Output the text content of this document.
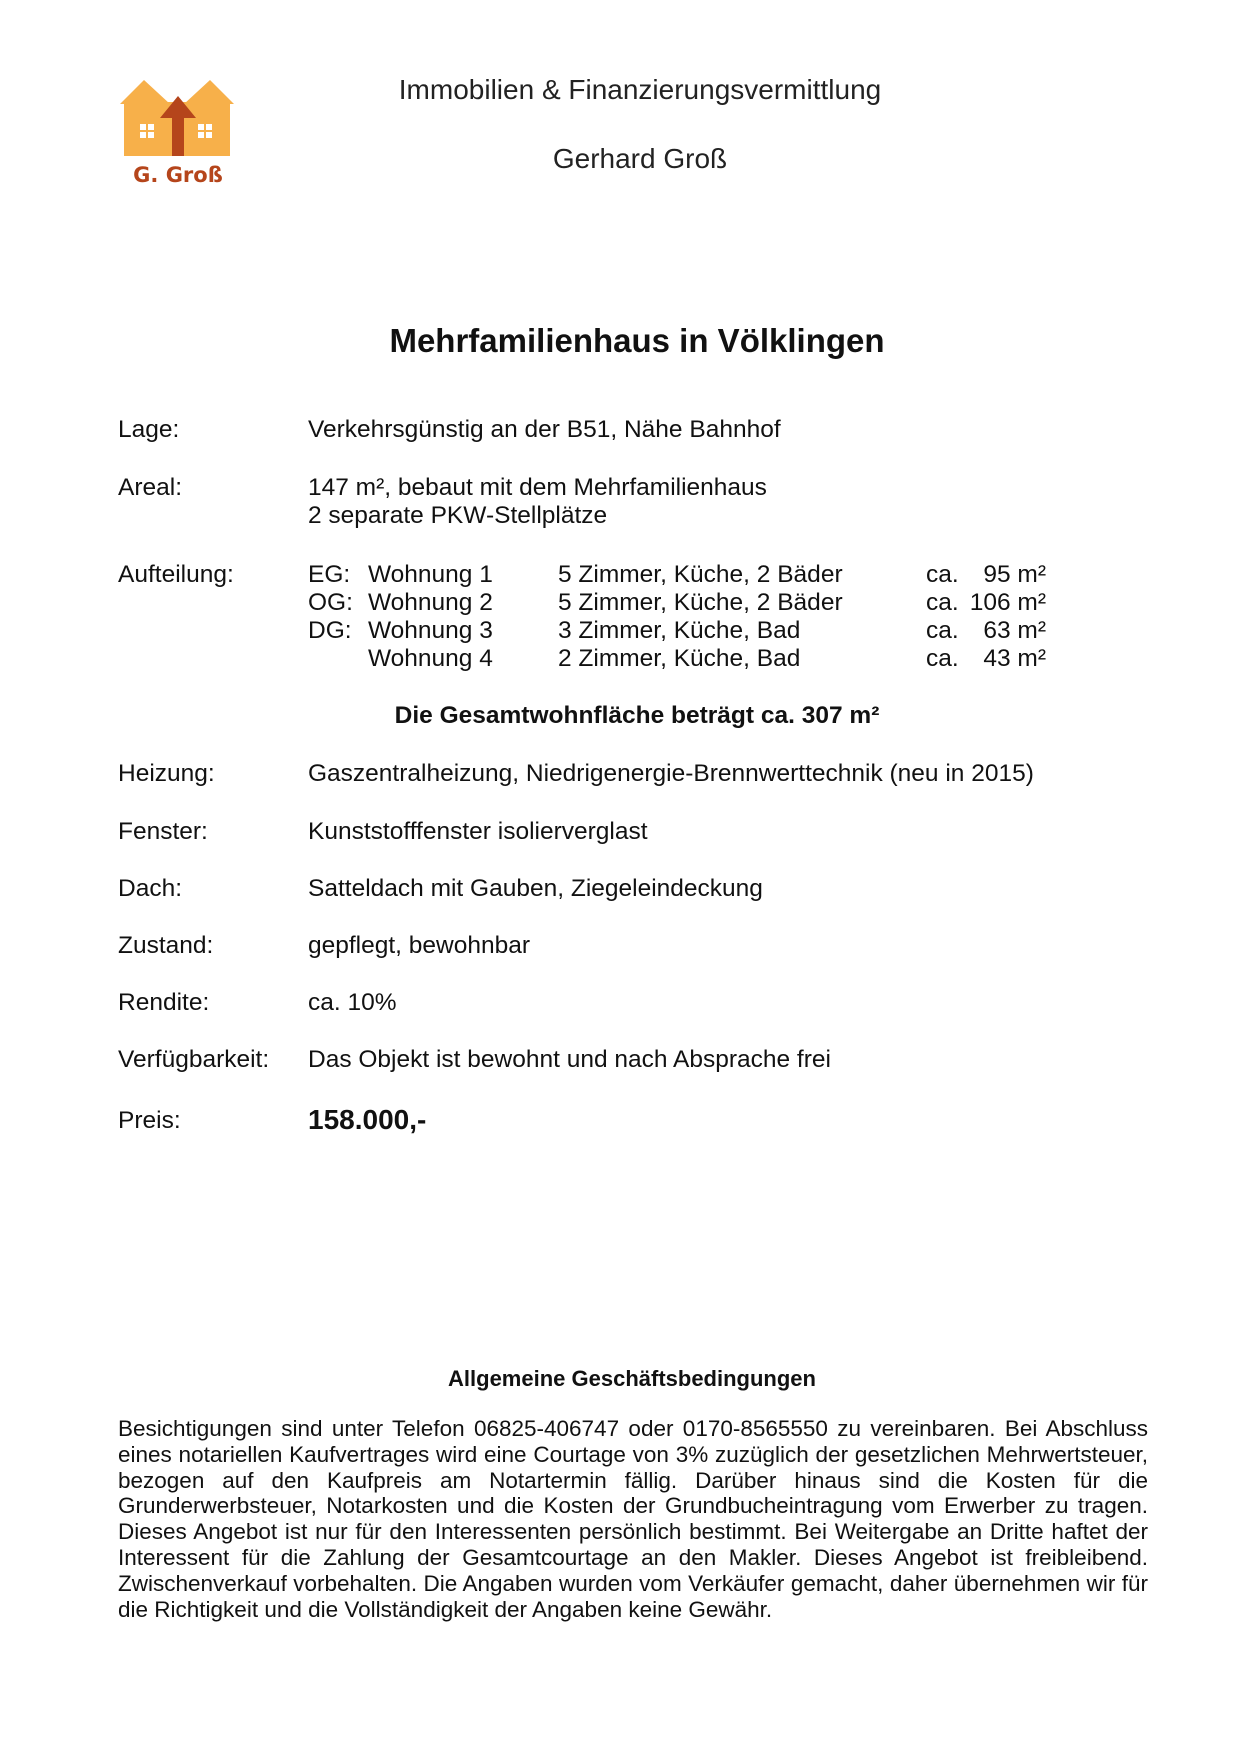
G. Groß
Immobilien & Finanzierungsvermittlung
Gerhard Groß
Mehrfamilienhaus in Völklingen
Lage:	Verkehrsgünstig an der B51, Nähe Bahnhof
Areal:	147 m², bebaut mit dem Mehrfamilienhaus
2 separate PKW-Stellplätze
Aufteilung:	EG: Wohnung 1	5 Zimmer, Küche, 2 Bäder	ca.	95 m²
OG: Wohnung 2	5 Zimmer, Küche, 2 Bäder	ca. 106 m²
DG: Wohnung 3	3 Zimmer, Küche, Bad	ca.	63 m²
Wohnung 4	2 Zimmer, Küche, Bad	ca.	43 m²
Die Gesamtwohnfläche beträgt ca. 307 m²
Heizung:	Gaszentralheizung, Niedrigenergie-Brennwerttechnik (neu in 2015)
Fenster:	Kunststofffenster isolierverglast
Dach:	Satteldach mit Gauben, Ziegeleindeckung
Zustand:	gepflegt, bewohnbar
Rendite:	ca. 10%
Verfügbarkeit: Das Objekt ist bewohnt und nach Absprache frei
Preis:	158.000,-
Allgemeine Geschäftsbedingungen
Besichtigungen sind unter Telefon 06825-406747 oder 0170-8565550 zu vereinbaren. Bei Abschluss eines notariellen Kaufvertrages wird eine Courtage von 3% zuzüglich der gesetzlichen Mehrwertsteuer, bezogen auf den Kaufpreis am Notartermin fällig. Darüber hinaus sind die Kosten für die Grunderwerbsteuer, Notarkosten und die Kosten der Grundbucheintragung vom Erwerber zu tragen. Dieses Angebot ist nur für den Interessenten persönlich bestimmt. Bei Weitergabe an Dritte haftet der Interessent für die Zahlung der Gesamtcourtage an den Makler. Dieses Angebot ist freibleibend. Zwischenverkauf vorbehalten. Die Angaben wurden vom Verkäufer gemacht, daher übernehmen wir für die Richtigkeit und die Vollständigkeit der Angaben keine Gewähr.
